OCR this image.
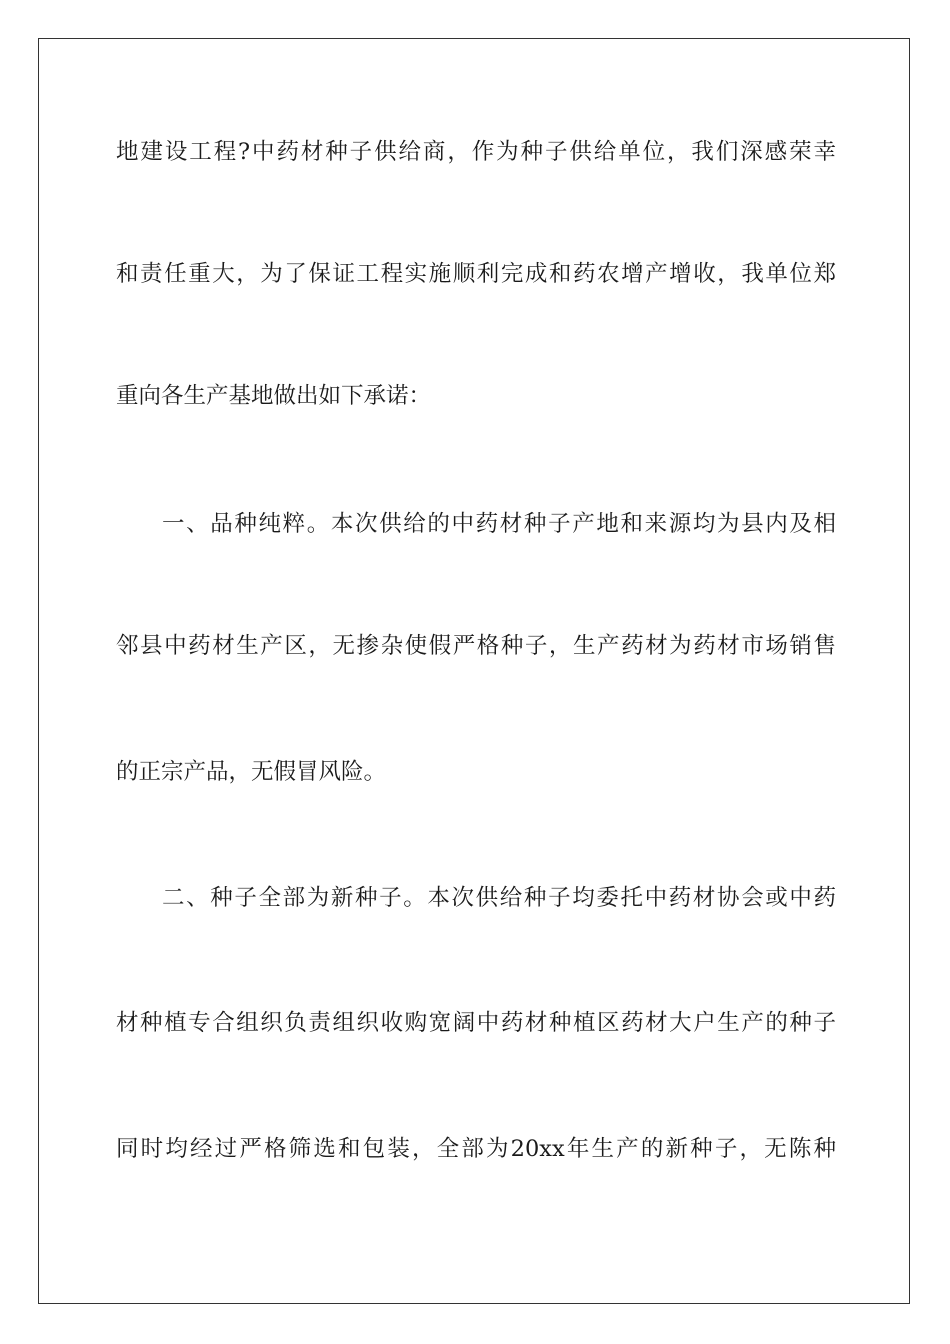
地建设工程?中药材种子供给商，作为种子供给单位，我们深感荣幸
和责任重大，为了保证工程实施顺利完成和药农增产增收，我单位郑
重向各生产基地做出如下承诺：
一、品种纯粹。本次供给的中药材种子产地和来源均为县内及相
邻县中药材生产区，无掺杂使假严格种子，生产药材为药材市场销售
的正宗产品，无假冒风险。
二、种子全部为新种子。本次供给种子均委托中药材协会或中药
材种植专合组织负责组织收购宽阔中药材种植区药材大户生产的种子
同时均经过严格筛选和包装，全部为20xx年生产的新种子，无陈种
